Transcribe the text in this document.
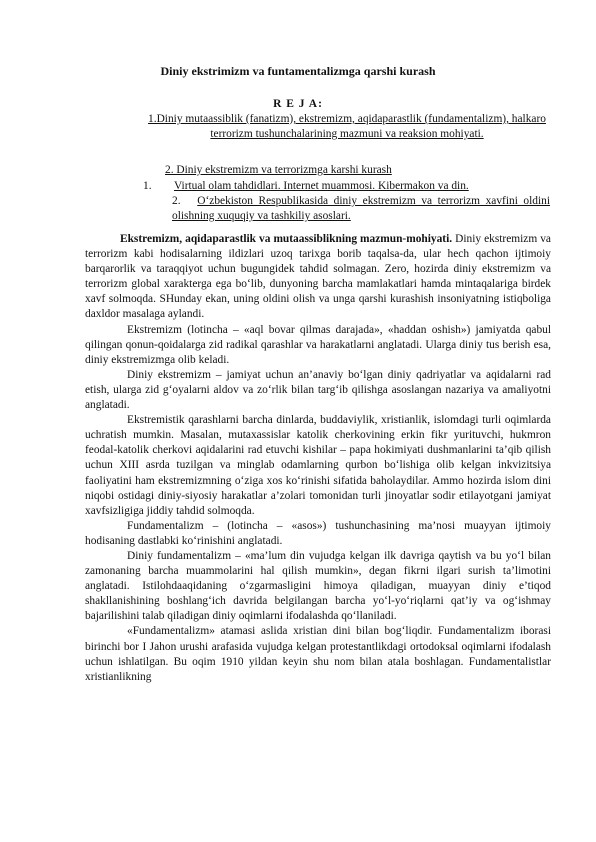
Diniy ekstrimizm va funtamentalizmga qarshi kurash
R E J A:
1.Diniy mutaassiblik (fanatizm), ekstremizm, aqidaparastlik (fundamentalizm), halkaro terrorizm tushunchalarining mazmuni va reaksion mohiyati.
2. Diniy ekstremizm va terrorizmga karshi kurash
1. Virtual olam tahdidlari. Internet muammosi. Kibermakon va din.
2. O‘zbekiston Respublikasida diniy ekstremizm va terrorizm xavfini oldini olishning xuquqiy va tashkiliy asoslari.

Ekstremizm, aqidaparastlik va mutaassiblikning mazmun-mohiyati. Diniy ekstremizm va terrorizm kabi hodisalarning ildizlari uzoq tarixga borib taqalsa-da, ular hech qachon ijtimoiy barqarorlik va taraqqiyot uchun bugungidek tahdid solmagan. Zero, hozirda diniy ekstremizm va terrorizm global xarakterga ega bo‘lib, dunyoning barcha mamlakatlari hamda mintaqalariga birdek xavf solmoqda. SHunday ekan, uning oldini olish va unga qarshi kurashish insoniyatning istiqboliga daxldor masalaga aylandi.

Ekstremizm (lotincha – «aql bovar qilmas darajada», «haddan oshish») jamiyatda qabul qilingan qonun-qoidalarga zid radikal qarashlar va harakatlarni anglatadi. Ularga diniy tus berish esa, diniy ekstremizmga olib keladi.

Diniy ekstremizm – jamiyat uchun an’anaviy bo‘lgan diniy qadriyatlar va aqidalarni rad etish, ularga zid g‘oyalarni aldov va zo‘rlik bilan targ‘ib qilishga asoslangan nazariya va amaliyotni anglatadi.

Ekstremistik qarashlarni barcha dinlarda, buddaviylik, xristianlik, islomdagi turli oqimlarda uchratish mumkin. Masalan, mutaxassislar katolik cherkovining erkin fikr yurituvchi, hukmron feodal-katolik cherkovi aqidalarini rad etuvchi kishilar – papa hokimiyati dushmanlarini ta’qib qilish uchun XIII asrda tuzilgan va minglab odamlarning qurbon bo‘lishiga olib kelgan inkvizitsiya faoliyatini ham ekstremizmning o‘ziga xos ko‘rinishi sifatida baholaydilar. Ammo hozirda islom dini niqobi ostidagi diniy-siyosiy harakatlar a’zolari tomonidan turli jinoyatlar sodir etilayotgani jamiyat xavfsizligiga jiddiy tahdid solmoqda.

Fundamentalizm – (lotincha – «asos») tushunchasining ma’nosi muayyan ijtimoiy hodisaning dastlabki ko‘rinishini anglatadi.

Diniy fundamentalizm – «ma’lum din vujudga kelgan ilk davriga qaytish va bu yo‘l bilan zamonaning barcha muammolarini hal qilish mumkin», degan fikrni ilgari surish ta’limotini anglatadi. Istilohdaaqidaning o‘zgarmasligini himoya qiladigan, muayyan diniy e’tiqod shakllanishining boshlang‘ich davrida belgilangan barcha yo‘l-yo‘riqlarni qat’iy va og‘ishmay bajarilishini talab qiladigan diniy oqimlarni ifodalashda qo‘llaniladi.

«Fundamentalizm» atamasi aslida xristian dini bilan bog‘liqdir. Fundamentalizm iborasi birinchi bor I Jahon urushi arafasida vujudga kelgan protestantlikdagi ortodoksal oqimlarni ifodalash uchun ishlatilgan. Bu oqim 1910 yildan keyin shu nom bilan atala boshlagan. Fundamentalistlar xristianlikning
